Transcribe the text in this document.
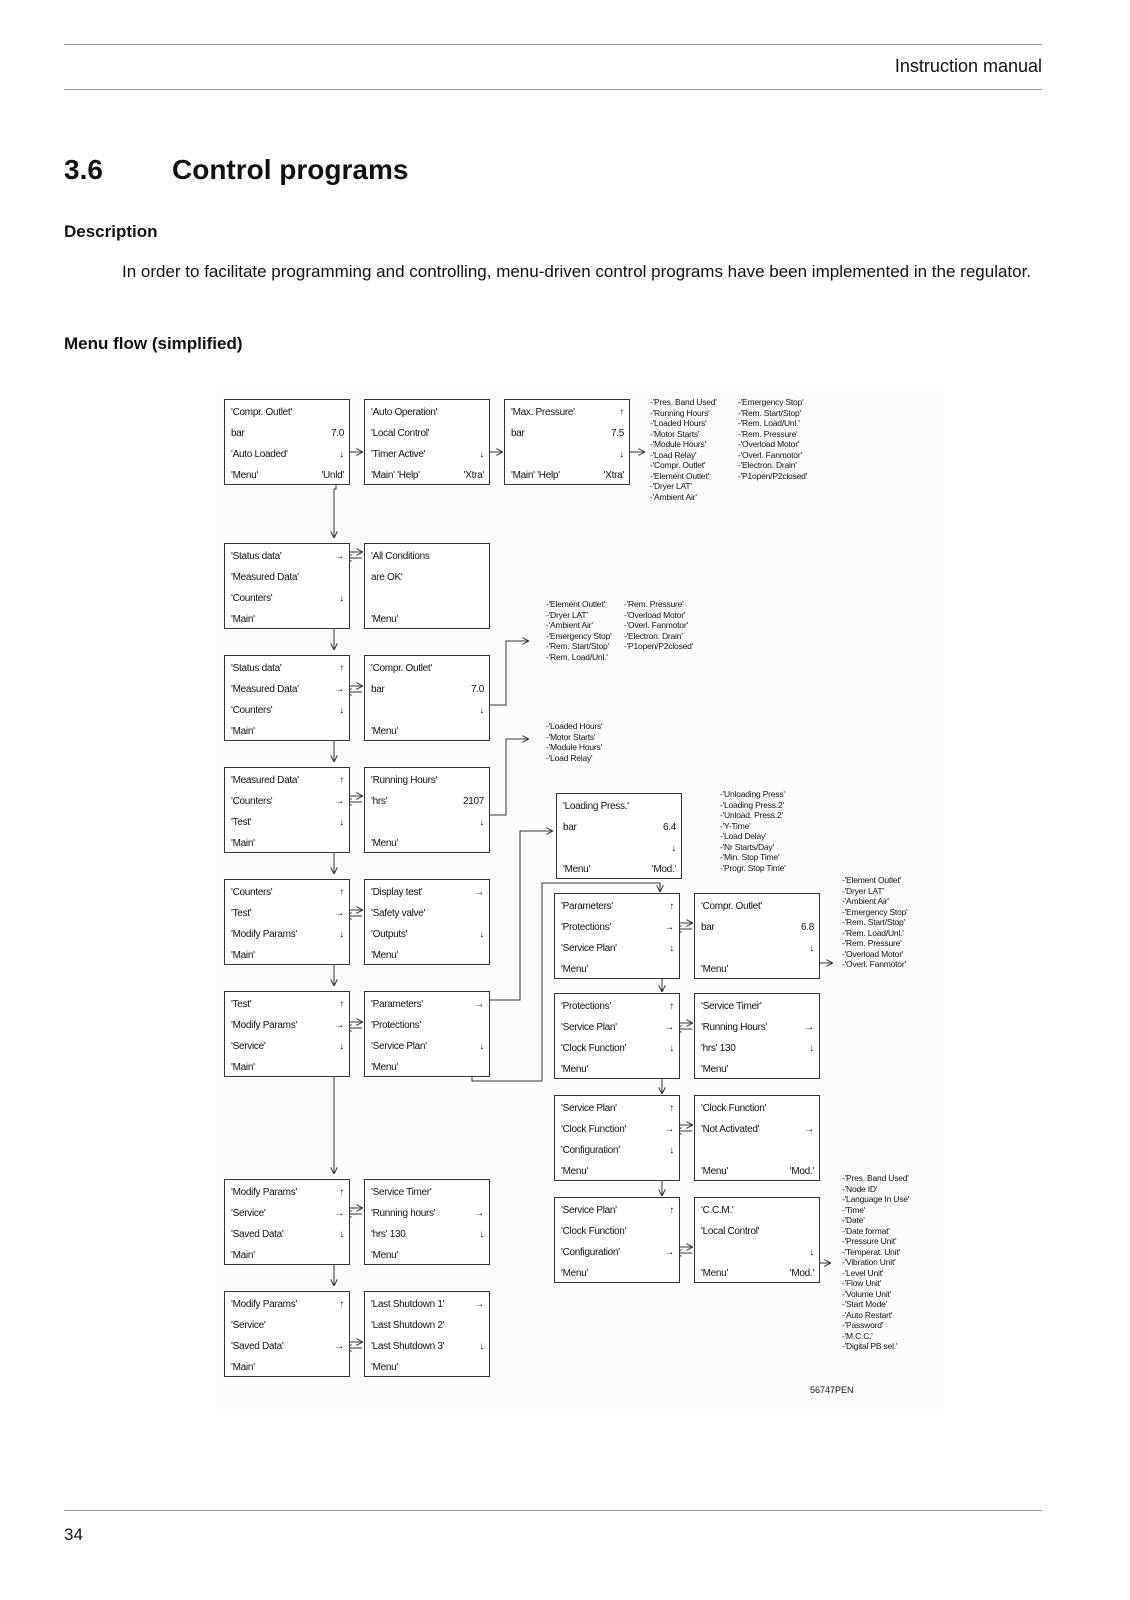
Instruction manual
3.6 Control programs
Description
In order to facilitate programming and controlling, menu-driven control programs have been implemented in the regulator.
Menu flow (simplified)
-'Pres. Band Used'
-'Running Hours'
-'Loaded Hours'
-'Motor Starts'
-'Module Hours'
-'Load Relay'
-'Compr. Outlet'
-'Element Outlet'
-'Dryer LAT'
-'Ambient Air'
-'Emergency Stop'
-'Rem. Start/Stop'
-'Rem. Load/Unl.'
-'Rem. Pressure'
-'Overload Motor'
-'Overl. Fanmotor'
-'Electron. Drain'
-'P1open/P2closed'
-'Element Outlet'
-'Dryer LAT'
-'Ambient Air'
-'Emergency Stop'
-'Rem. Start/Stop'
-'Rem. Load/Unl.'
-'Rem. Pressure'
-'Overload Motor'
-'Overl. Fanmotor'
-'Electron. Drain'
-'P1open/P2closed'
-'Loaded Hours'
-'Motor Starts'
-'Module Hours'
-'Load Relay'
-'Unloading Press'
-'Loading Press.2'
-'Unload. Press.2'
-'Y-Time'
-'Load Delay'
-'Nr Starts/Day'
-'Min. Stop Time'
-'Progr. Stop Time'
-'Element Outlet'
-'Dryer LAT'
-'Ambient Air'
-'Emergency Stop'
-'Rem. Start/Stop'
-'Rem. Load/Unl.'
-'Rem. Pressure'
-'Overload Motor'
-'Overl. Fanmotor'
-'Pres. Band Used'
-'Node ID'
-'Language In Use'
-'Time'
-'Date'
-'Date format'
-'Pressure Unit'
-'Temperat. Unit'
-'Vibration Unit'
-'Level Unit'
-'Flow Unit'
-'Volume Unit'
-'Start Mode'
-'Auto Restart'
-'Password'
-'M.C.C.'
-'Digital PB sel.'
56747PEN
'Compr. Outlet'
bar	7.0
'Auto Loaded'	↓
'Menu'	'Unld'
'Auto Operation'
'Local Control'
'Timer Active'	↓
'Main' 'Help'	'Xtra'
'Max. Pressure'	↑
bar	7.5
↓
'Main' 'Help'	'Xtra'
'Status data'	→
'Measured Data'
'Counters'	↓
'Main'
'All Conditions
are OK'
'Menu'
'Status data'	↑
'Measured Data'	→
'Counters'	↓
'Main'
'Compr. Outlet'
bar	7.0
↓
'Menu'
'Measured Data'	↑
'Counters'	→
'Test'	↓
'Main'
'Running Hours'
'hrs'	2107
↓
'Menu'
'Counters'	↑
'Test'	→
'Modify Params'	↓
'Main'
'Display test'	→
'Safety valve'
'Outputs'	↓
'Menu'
'Test'	↑
'Modify Params'	→
'Service'	↓
'Main'
'Parameters'	→
'Protections'
'Service Plan'	↓
'Menu'
'Modify Params'	↑
'Service'	→
'Saved Data'	↓
'Main'
'Service Timer'
'Running hours'	→
'hrs' 130	↓
'Menu'
'Modify Params'	↑
'Service'
'Saved Data'	→
'Main'
'Last Shutdown 1'	→
'Last Shutdown 2'
'Last Shutdown 3'	↓
'Menu'
'Loading Press.'
bar	6.4
↓
'Menu'	'Mod.'
'Parameters'	↑
'Protections'	→
'Service Plan'	↓
'Menu'
'Compr. Outlet'
bar	6.8
↓
'Menu'
'Protections'	↑
'Service Plan'	→
'Clock Function'	↓
'Menu'
'Service Timer'
'Running Hours'	→
'hrs' 130	↓
'Menu'
'Service Plan'	↑
'Clock Function'	→
'Configuration'	↓
'Menu'
'Clock Function'
'Not Activated'	→
'Menu'	'Mod.'
'Service Plan'	↑
'Clock Function'
'Configuration'	→
'Menu'
'C.C.M.'
'Local Control'
↓
'Menu'	'Mod.'
34
